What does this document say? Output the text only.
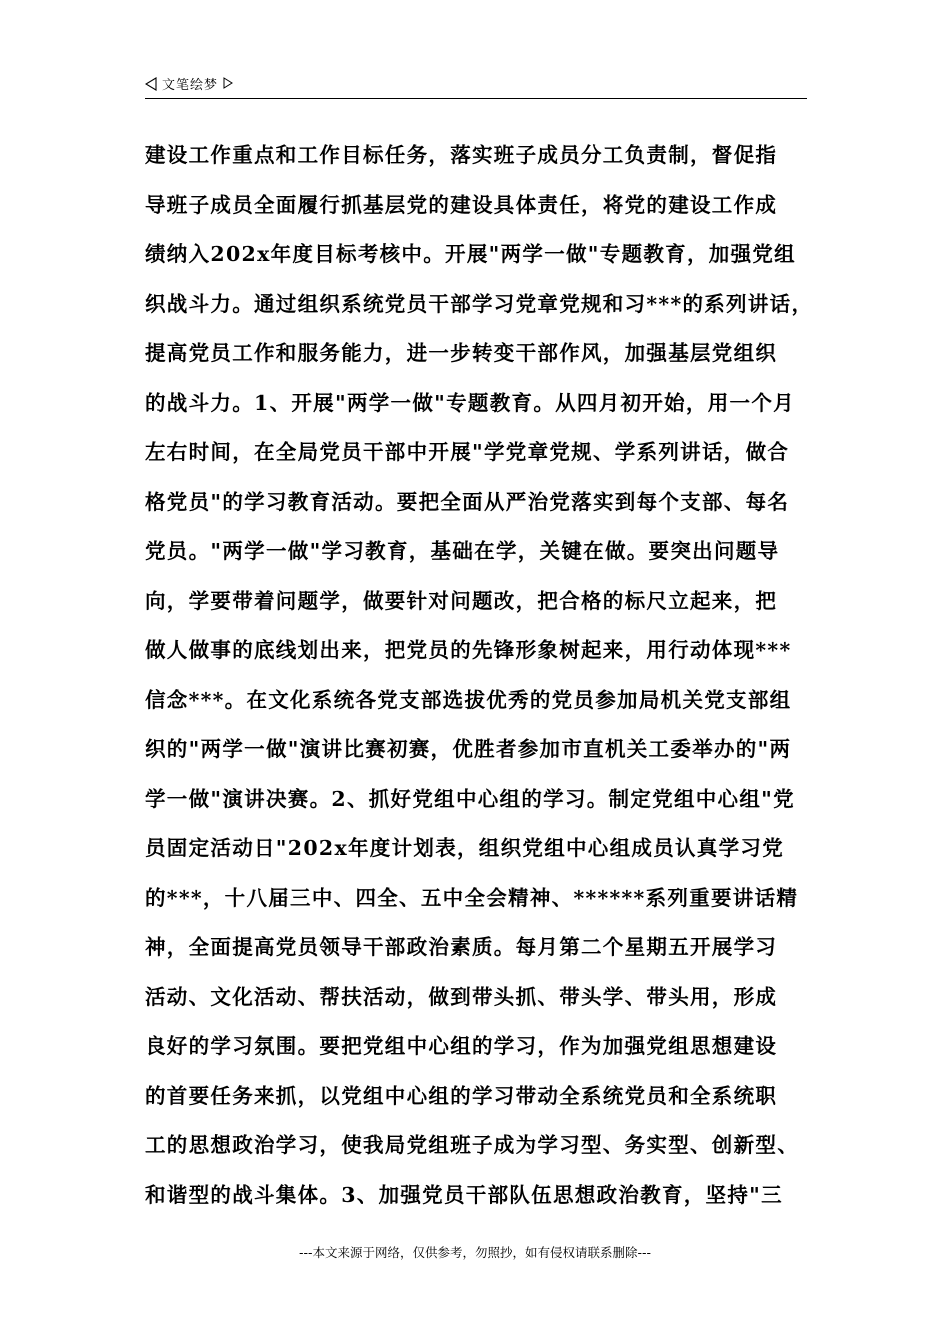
文笔绘梦
建设工作重点和工作目标任务，落实班子成员分工负责制，督促指
导班子成员全面履行抓基层党的建设具体责任，将党的建设工作成
绩纳入202x年度目标考核中。开展"两学一做"专题教育，加强党组
织战斗力。通过组织系统党员干部学习党章党规和习***的系列讲话，
提高党员工作和服务能力，进一步转变干部作风，加强基层党组织
的战斗力。1、开展"两学一做"专题教育。从四月初开始，用一个月
左右时间，在全局党员干部中开展"学党章党规、学系列讲话，做合
格党员"的学习教育活动。要把全面从严治党落实到每个支部、每名
党员。"两学一做"学习教育，基础在学，关键在做。要突出问题导
向，学要带着问题学，做要针对问题改，把合格的标尺立起来，把
做人做事的底线划出来，把党员的先锋形象树起来，用行动体现***
信念***。在文化系统各党支部选拔优秀的党员参加局机关党支部组
织的"两学一做"演讲比赛初赛，优胜者参加市直机关工委举办的"两
学一做"演讲决赛。2、抓好党组中心组的学习。制定党组中心组"党
员固定活动日"202x年度计划表，组织党组中心组成员认真学习党
的***，十八届三中、四全、五中全会精神、******系列重要讲话精
神，全面提高党员领导干部政治素质。每月第二个星期五开展学习
活动、文化活动、帮扶活动，做到带头抓、带头学、带头用，形成
良好的学习氛围。要把党组中心组的学习，作为加强党组思想建设
的首要任务来抓，以党组中心组的学习带动全系统党员和全系统职
工的思想政治学习，使我局党组班子成为学习型、务实型、创新型、
和谐型的战斗集体。3、加强党员干部队伍思想政治教育，坚持"三
---本文来源于网络，仅供参考，勿照抄，如有侵权请联系删除---
